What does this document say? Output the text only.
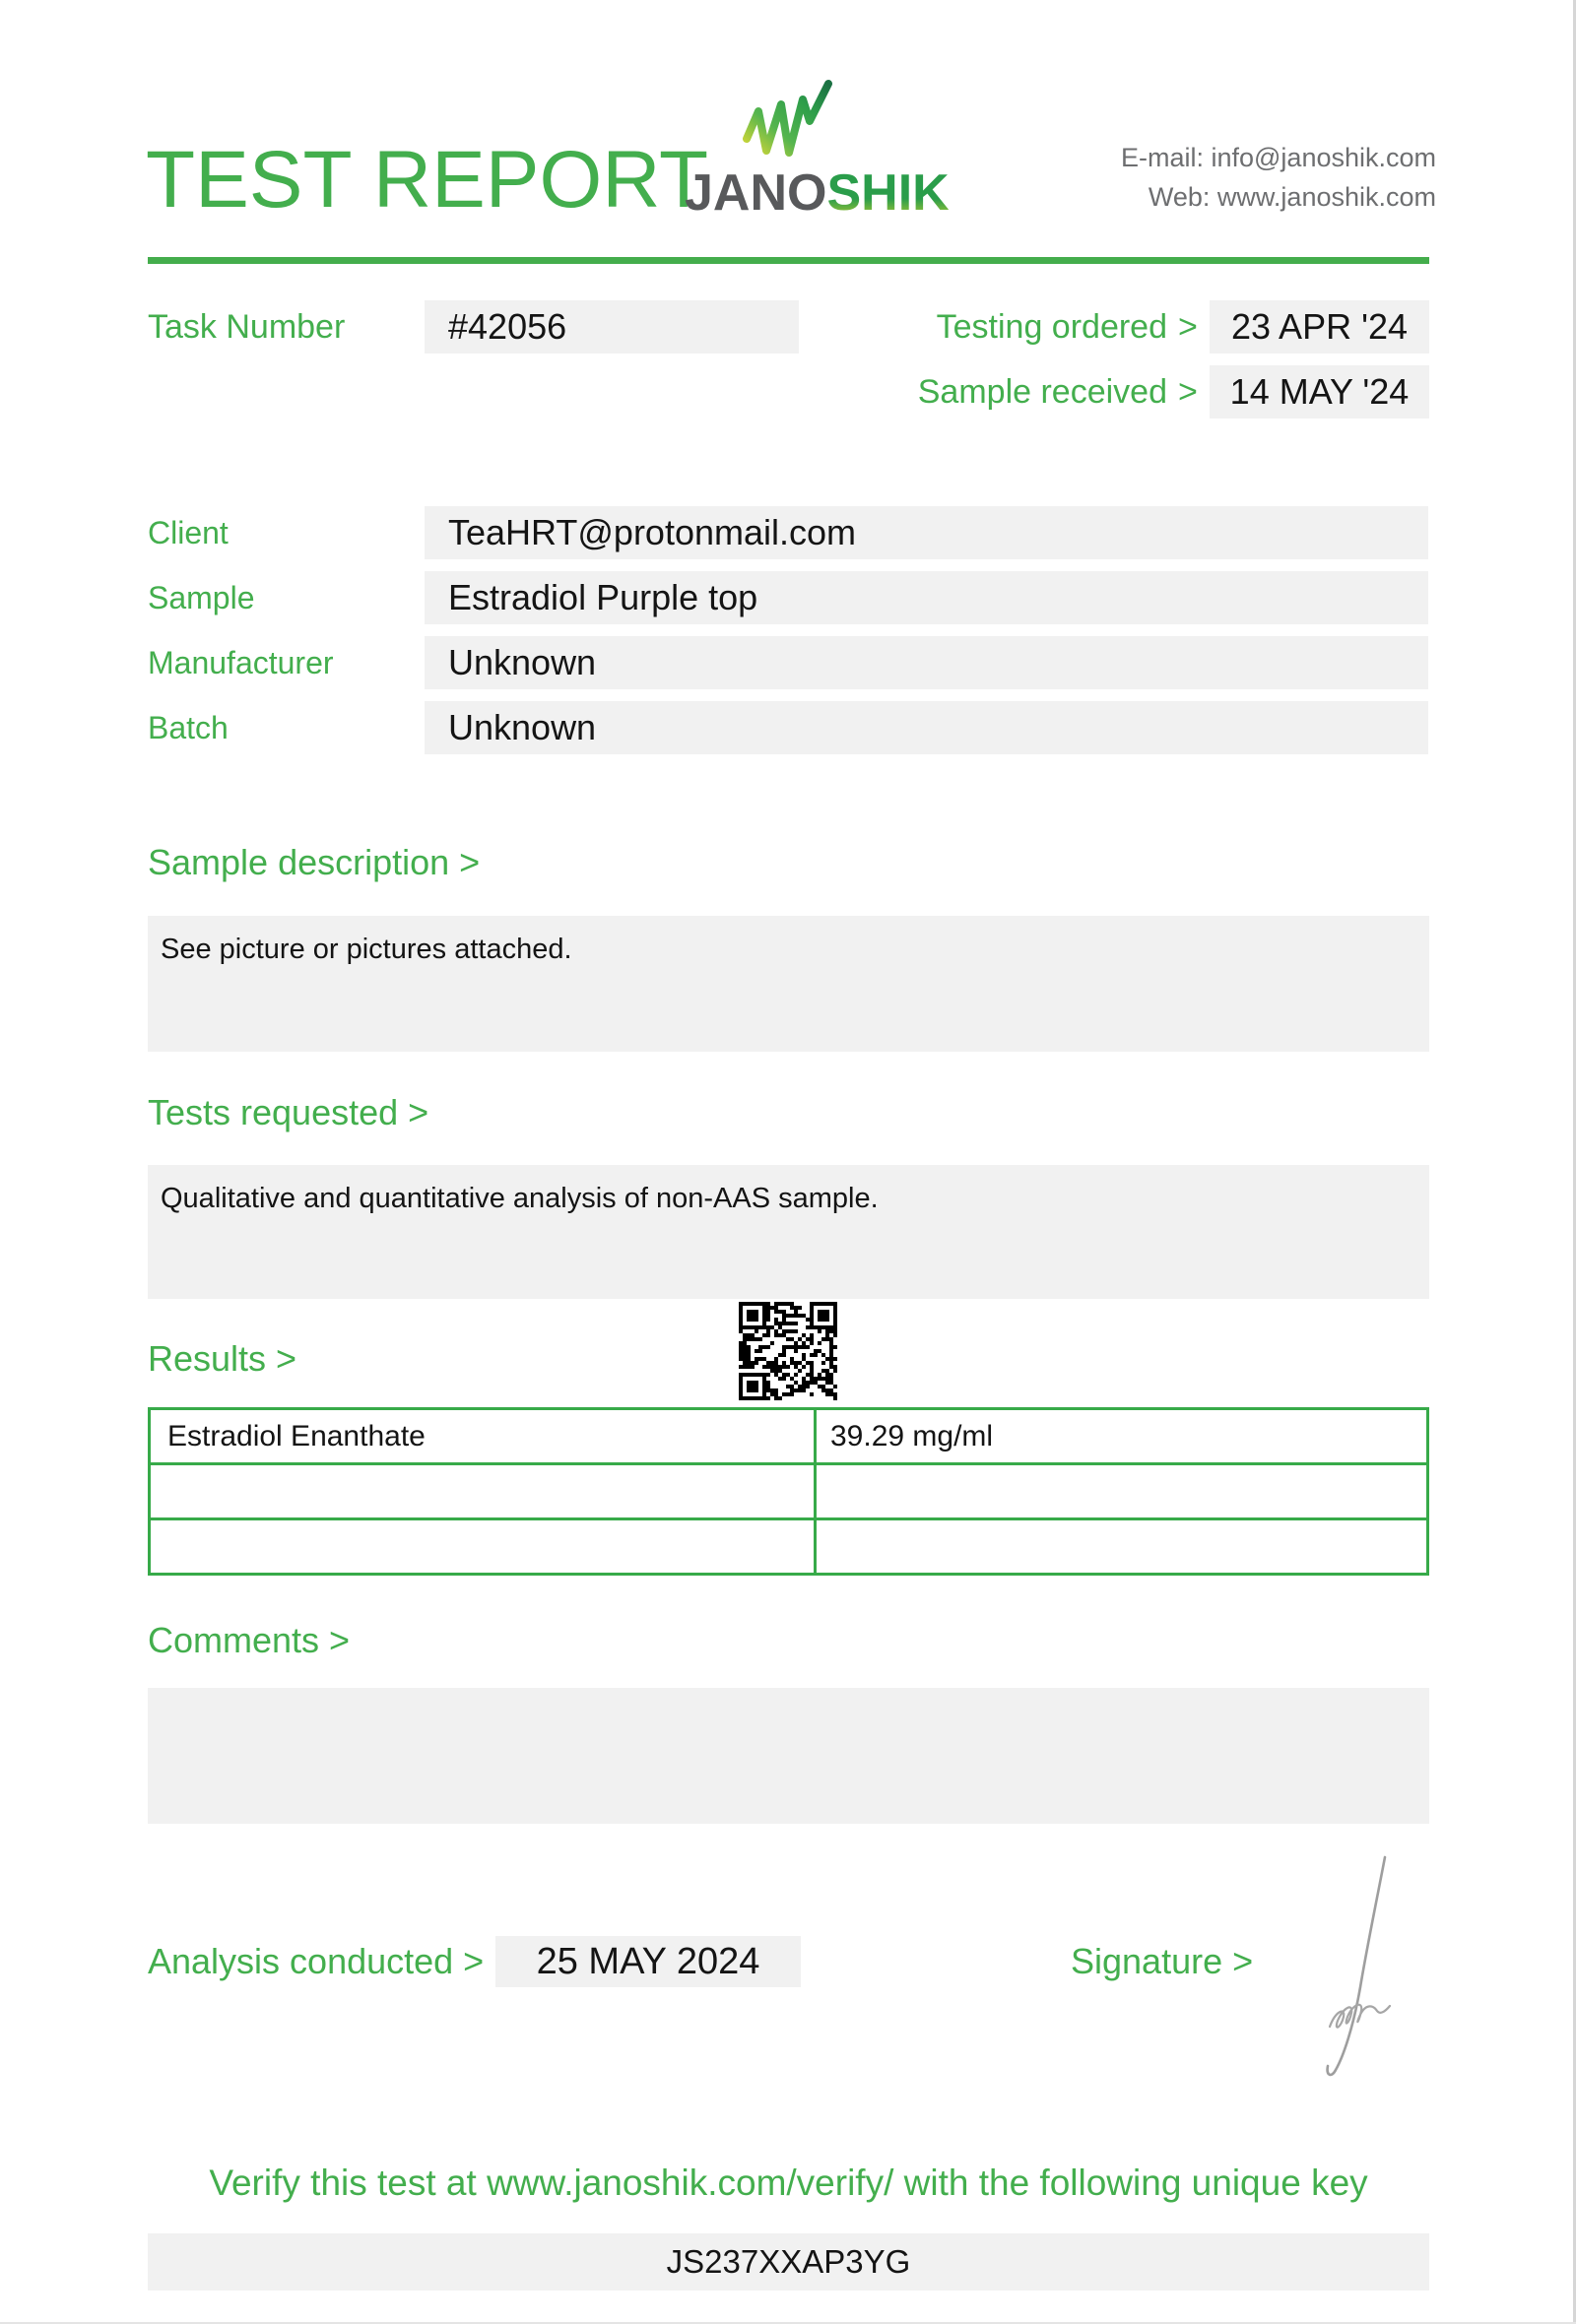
TEST REPORT
JANOSHIK
E-mail: info@janoshik.com
Web: www.janoshik.com
Task Number	#42056	Testing ordered > 23 APR '24
Sample received > 14 MAY '24
Client	TeaHRT@protonmail.com
Sample	Estradiol Purple top
Manufacturer	Unknown
Batch	Unknown
Sample description >
See picture or pictures attached.
Tests requested >
Qualitative and quantitative analysis of non-AAS sample.
Results >
Estradiol Enanthate	39.29 mg/ml

Comments >
Analysis conducted >	25 MAY 2024	Signature >
Verify this test at www.janoshik.com/verify/ with the following unique key
JS237XXAP3YG
